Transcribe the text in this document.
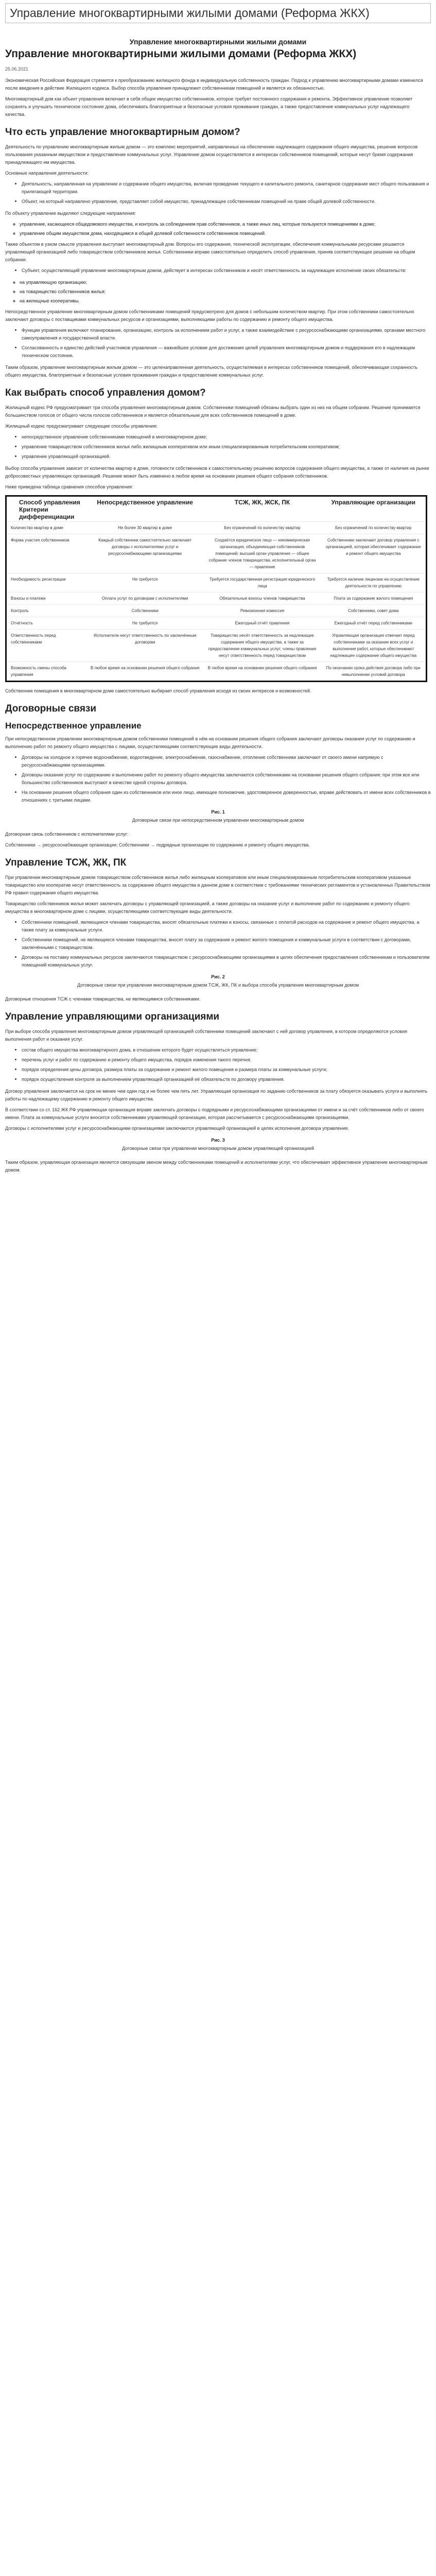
Управление многоквартирными жилыми домами (Реформа ЖКХ)
Управление многоквартирными жилыми домами
Управление многоквартирными жилыми домами (Реформа ЖКХ)
25.06.2021

Экономическая Российская Федерация стремится к преобразованию жилищного фонда в индивидуальную собственность граждан. Подход к управлению многоквартирными домами изменился после введения в действие Жилищного кодекса. Выбор способа управления принадлежит собственникам помещений и является их обязанностью.

Многоквартирный дом как объект управления включает в себя общее имущество собственников, которое требует постоянного содержания и ремонта. Эффективное управление позволяет сохранять и улучшать техническое состояние дома, обеспечивать благоприятные и безопасные условия проживания граждан, а также предоставление коммунальных услуг надлежащего качества.

Что есть управление многоквартирным домом?

Деятельность по управлению многоквартирным жилым домом — это комплекс мероприятий, направленных на обеспечение надлежащего содержания общего имущества, решение вопросов пользования указанным имуществом и предоставление коммунальных услуг. Управление домом осуществляется в интересах собственников помещений, которые несут бремя содержания принадлежащего им имущества.

Основные направления деятельности:

• Деятельность, направленная на управление и содержание общего имущества, включая проведение текущего и капитального ремонта, санитарное содержание мест общего пользования и прилегающей территории.
• Объект, на который направлено управление, представляет собой имущество, принадлежащее собственникам помещений на праве общей долевой собственности.

По объекту управление выделяют следующие направления:

◦ управление, касающееся общедомового имущества, и контроль за соблюдением прав собственников, а также иных лиц, которые пользуются помещениями в доме;
◦ управление общим имуществом дома, находящимся в общей долевой собственности собственников помещений.

Также объектом в узком смысле управления выступает многоквартирный дом. Вопросы его содержания, технической эксплуатации, обеспечения коммунальными ресурсами решаются управляющей организацией либо товариществом собственников жилья. Собственники вправе самостоятельно определить способ управления, приняв соответствующее решение на общем собрании.

• Субъект, осуществляющий управление многоквартирным домом, действует в интересах собственников и несёт ответственность за надлежащее исполнение своих обязательств:
◦ на управляющую организацию;
◦ на товарищество собственников жилья;
◦ на жилищные кооперативы.

Непосредственное управление многоквартирным домом собственниками помещений предусмотрено для домов с небольшим количеством квартир. При этом собственники самостоятельно заключают договоры с поставщиками коммунальных ресурсов и организациями, выполняющими работы по содержанию и ремонту общего имущества.

• Функции управления включают планирование, организацию, контроль за исполнением работ и услуг, а также взаимодействие с ресурсоснабжающими организациями, органами местного самоуправления и государственной власти.
• Согласованность и единство действий участников управления — важнейшее условие для достижения целей управления многоквартирным домом и поддержания его в надлежащем техническом состоянии.

Таким образом, управление многоквартирным жилым домом — это целенаправленная деятельность, осуществляемая в интересах собственников помещений, обеспечивающая сохранность общего имущества, благоприятные и безопасные условия проживания граждан и предоставление коммунальных услуг.

Как выбрать способ управления домом?

Жилищный кодекс РФ предусматривает три способа управления многоквартирным домом. Собственники помещений обязаны выбрать один из них на общем собрании. Решение принимается большинством голосов от общего числа голосов собственников и является обязательным для всех собственников помещений в доме.

Жилищный кодекс предусматривает следующие способы управления:

• непосредственное управление собственниками помещений в многоквартирном доме;
• управление товариществом собственников жилья либо жилищным кооперативом или иным специализированным потребительским кооперативом;
• управление управляющей организацией.

Выбор способа управления зависит от количества квартир в доме, готовности собственников к самостоятельному решению вопросов содержания общего имущества, а также от наличия на рынке добросовестных управляющих организаций. Решение может быть изменено в любое время на основании решения общего собрания собственников.

Ниже приведена таблица сравнения способов управления:

Способ управления Критерии дифференциации	Непосредственное управление	ТСЖ, ЖК, ЖСК, ПК	Управляющие организации
Количество квартир в доме	Не более 30 квартир в доме	Без ограничений по количеству квартир	Без ограничений по количеству квартир
Форма участия собственников	Каждый собственник самостоятельно заключает договоры с исполнителями услуг и ресурсоснабжающими организациями	Создаётся юридическое лицо — некоммерческая организация, объединяющая собственников помещений; высший орган управления — общее собрание членов товарищества, исполнительный орган — правление	Собственники заключают договор управления с организацией, которая обеспечивает содержание и ремонт общего имущества
Необходимость регистрации	Не требуется	Требуется государственная регистрация юридического лица	Требуется наличие лицензии на осуществление деятельности по управлению
Взносы и платежи	Оплата услуг по договорам с исполнителями	Обязательные взносы членов товарищества	Плата за содержание жилого помещения
Контроль	Собственники	Ревизионная комиссия	Собственники, совет дома
Отчётность	Не требуется	Ежегодный отчёт правления	Ежегодный отчёт перед собственниками
Ответственность перед собственниками	Исполнители несут ответственность по заключённым договорам	Товарищество несёт ответственность за надлежащее содержание общего имущества, а также за предоставление коммунальных услуг; члены правления несут ответственность перед товариществом	Управляющая организация отвечает перед собственниками за оказание всех услуг и выполнение работ, которые обеспечивают надлежащее содержание общего имущества
Возможность смены способа управления	В любое время на основании решения общего собрания	В любое время на основании решения общего собрания	По окончании срока действия договора либо при невыполнении условий договора

Собственник помещения в многоквартирном доме самостоятельно выбирает способ управления исходя из своих интересов и возможностей.

Договорные связи
Непосредственное управление

При непосредственном управлении многоквартирным домом собственники помещений в нём на основании решения общего собрания заключают договоры оказания услуг по содержанию и выполнению работ по ремонту общего имущества с лицами, осуществляющими соответствующие виды деятельности.

• Договоры на холодное и горячее водоснабжение, водоотведение, электроснабжение, газоснабжение, отопление собственники заключают от своего имени напрямую с ресурсоснабжающими организациями.
• Договоры оказания услуг по содержанию и выполнению работ по ремонту общего имущества заключаются собственниками на основании решения общего собрания; при этом все или большинство собственников выступают в качестве одной стороны договора.
• На основании решения общего собрания один из собственников или иное лицо, имеющее полномочие, удостоверенное доверенностью, вправе действовать от имени всех собственников в отношениях с третьими лицами.
Рис. 1
Договорные связи при непосредственном управлении многоквартирным домом

Договорная связь собственников с исполнителями услуг:

Собственники → ресурсоснабжающие организации; Собственники → подрядные организации по содержанию и ремонту общего имущества.

Управление ТСЖ, ЖК, ПК

При управлении многоквартирным домом товариществом собственников жилья либо жилищным кооперативом или иным специализированным потребительским кооперативом указанные товарищество или кооператив несут ответственность за содержание общего имущества в данном доме в соответствии с требованиями технических регламентов и установленных Правительством РФ правил содержания общего имущества.

Товарищество собственников жилья может заключать договоры с управляющей организацией, а также договоры на оказание услуг и выполнение работ по содержанию и ремонту общего имущества в многоквартирном доме с лицами, осуществляющими соответствующие виды деятельности.

• Собственники помещений, являющиеся членами товарищества, вносят обязательные платежи и взносы, связанные с оплатой расходов на содержание и ремонт общего имущества, а также плату за коммунальные услуги.
• Собственники помещений, не являющиеся членами товарищества, вносят плату за содержание и ремонт жилого помещения и коммунальные услуги в соответствии с договорами, заключёнными с товариществом.
• Договоры на поставку коммунальных ресурсов заключаются товариществом с ресурсоснабжающими организациями в целях обеспечения предоставления собственникам и пользователям помещений коммунальных услуг.
Рис. 2
Договорные связи при управлении многоквартирным домом ТСЖ, ЖК, ПК и выбора способа управления многоквартирным домом

Договорные отношения ТСЖ с членами товарищества, не являющимися собственниками.

Управление управляющими организациями

При выборе способа управления многоквартирным домом управляющей организацией собственники помещений заключают с ней договор управления, в котором определяются условия выполнения работ и оказания услуг.

• состав общего имущества многоквартирного дома, в отношении которого будет осуществляться управление;
• перечень услуг и работ по содержанию и ремонту общего имущества, порядок изменения такого перечня;
• порядок определения цены договора, размера платы за содержание и ремонт жилого помещения и размера платы за коммунальные услуги;
• порядок осуществления контроля за выполнением управляющей организацией её обязательств по договору управления.

Договор управления заключается на срок не менее чем один год и не более чем пять лет. Управляющая организация по заданию собственников за плату обязуется оказывать услуги и выполнять работы по надлежащему содержанию и ремонту общего имущества.

В соответствии со ст. 162 ЖК РФ управляющая организация вправе заключать договоры с подрядными и ресурсоснабжающими организациями от имени и за счёт собственников либо от своего имени. Плата за коммунальные услуги вносится собственниками управляющей организации, которая рассчитывается с ресурсоснабжающими организациями.

Договоры с исполнителями услуг и ресурсоснабжающими организациями заключаются управляющей организацией в целях исполнения договора управления.

Рис. 3
Договорные связи при управлении многоквартирным домом управляющей организацией

Таким образом, управляющая организация является связующим звеном между собственниками помещений и исполнителями услуг, что обеспечивает эффективное управление многоквартирным домом.
